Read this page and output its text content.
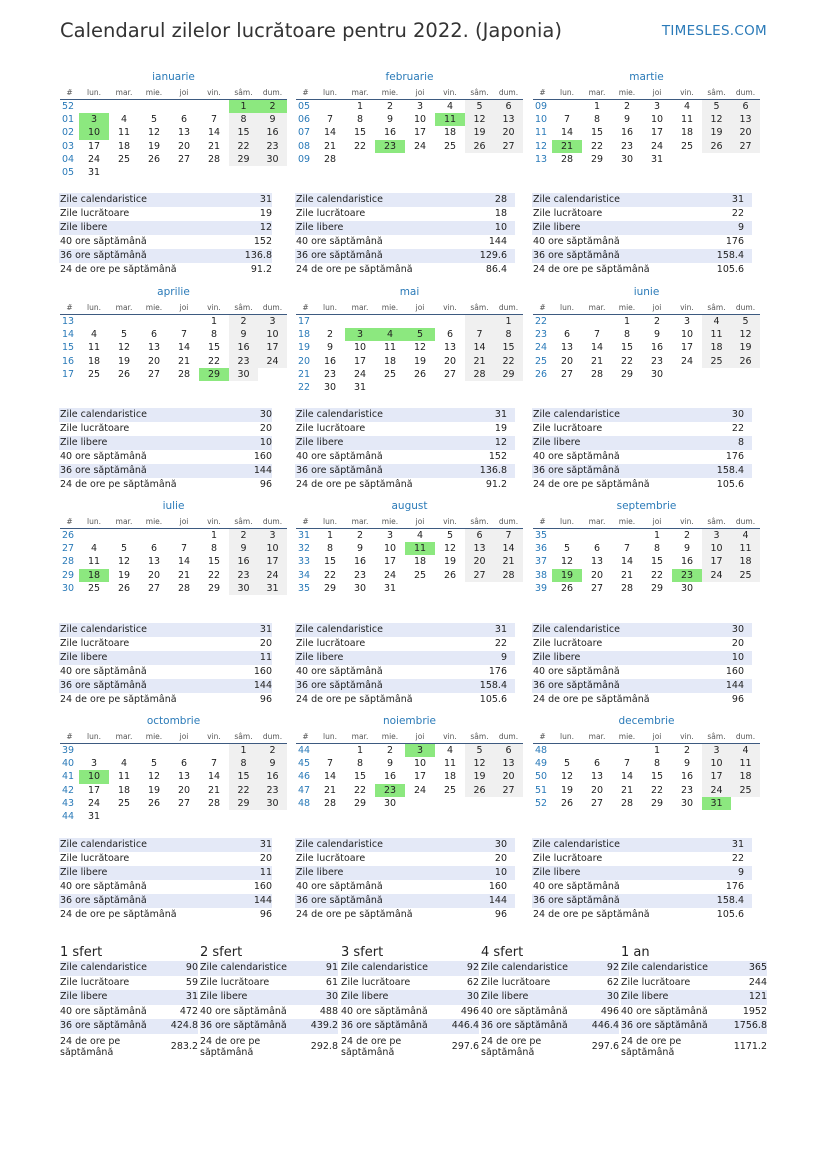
Calendarul zilelor lucrătoare pentru 2022. (Japonia)	TIMESLES.COM
ianuarie
#	lun.	mar.	mie.	joi	vin.	sâm.	dum.
52						1	2
01	3	4	5	6	7	8	9
02	10	11	12	13	14	15	16
03	17	18	19	20	21	22	23
04	24	25	26	27	28	29	30
05	31						
Zile calendaristice	31
Zile lucrătoare	19
Zile libere	12
40 ore săptămână	152
36 ore săptămână	136.8
24 de ore pe săptămână	91.2
februarie
#	lun.	mar.	mie.	joi	vin.	sâm.	dum.
05		1	2	3	4	5	6
06	7	8	9	10	11	12	13
07	14	15	16	17	18	19	20
08	21	22	23	24	25	26	27
09	28						
Zile calendaristice	28
Zile lucrătoare	18
Zile libere	10
40 ore săptămână	144
36 ore săptămână	129.6
24 de ore pe săptămână	86.4
martie
#	lun.	mar.	mie.	joi	vin.	sâm.	dum.
09		1	2	3	4	5	6
10	7	8	9	10	11	12	13
11	14	15	16	17	18	19	20
12	21	22	23	24	25	26	27
13	28	29	30	31			
Zile calendaristice	31
Zile lucrătoare	22
Zile libere	9
40 ore săptămână	176
36 ore săptămână	158.4
24 de ore pe săptămână	105.6
aprilie
#	lun.	mar.	mie.	joi	vin.	sâm.	dum.
13					1	2	3
14	4	5	6	7	8	9	10
15	11	12	13	14	15	16	17
16	18	19	20	21	22	23	24
17	25	26	27	28	29	30	
Zile calendaristice	30
Zile lucrătoare	20
Zile libere	10
40 ore săptămână	160
36 ore săptămână	144
24 de ore pe săptămână	96
mai
#	lun.	mar.	mie.	joi	vin.	sâm.	dum.
17							1
18	2	3	4	5	6	7	8
19	9	10	11	12	13	14	15
20	16	17	18	19	20	21	22
21	23	24	25	26	27	28	29
22	30	31					
Zile calendaristice	31
Zile lucrătoare	19
Zile libere	12
40 ore săptămână	152
36 ore săptămână	136.8
24 de ore pe săptămână	91.2
iunie
#	lun.	mar.	mie.	joi	vin.	sâm.	dum.
22			1	2	3	4	5
23	6	7	8	9	10	11	12
24	13	14	15	16	17	18	19
25	20	21	22	23	24	25	26
26	27	28	29	30			
Zile calendaristice	30
Zile lucrătoare	22
Zile libere	8
40 ore săptămână	176
36 ore săptămână	158.4
24 de ore pe săptămână	105.6
iulie
#	lun.	mar.	mie.	joi	vin.	sâm.	dum.
26					1	2	3
27	4	5	6	7	8	9	10
28	11	12	13	14	15	16	17
29	18	19	20	21	22	23	24
30	25	26	27	28	29	30	31
Zile calendaristice	31
Zile lucrătoare	20
Zile libere	11
40 ore săptămână	160
36 ore săptămână	144
24 de ore pe săptămână	96
august
#	lun.	mar.	mie.	joi	vin.	sâm.	dum.
31	1	2	3	4	5	6	7
32	8	9	10	11	12	13	14
33	15	16	17	18	19	20	21
34	22	23	24	25	26	27	28
35	29	30	31				
Zile calendaristice	31
Zile lucrătoare	22
Zile libere	9
40 ore săptămână	176
36 ore săptămână	158.4
24 de ore pe săptămână	105.6
septembrie
#	lun.	mar.	mie.	joi	vin.	sâm.	dum.
35				1	2	3	4
36	5	6	7	8	9	10	11
37	12	13	14	15	16	17	18
38	19	20	21	22	23	24	25
39	26	27	28	29	30		
Zile calendaristice	30
Zile lucrătoare	20
Zile libere	10
40 ore săptămână	160
36 ore săptămână	144
24 de ore pe săptămână	96
octombrie
#	lun.	mar.	mie.	joi	vin.	sâm.	dum.
39						1	2
40	3	4	5	6	7	8	9
41	10	11	12	13	14	15	16
42	17	18	19	20	21	22	23
43	24	25	26	27	28	29	30
44	31						
Zile calendaristice	31
Zile lucrătoare	20
Zile libere	11
40 ore săptămână	160
36 ore săptămână	144
24 de ore pe săptămână	96
noiembrie
#	lun.	mar.	mie.	joi	vin.	sâm.	dum.
44		1	2	3	4	5	6
45	7	8	9	10	11	12	13
46	14	15	16	17	18	19	20
47	21	22	23	24	25	26	27
48	28	29	30				
Zile calendaristice	30
Zile lucrătoare	20
Zile libere	10
40 ore săptămână	160
36 ore săptămână	144
24 de ore pe săptămână	96
decembrie
#	lun.	mar.	mie.	joi	vin.	sâm.	dum.
48				1	2	3	4
49	5	6	7	8	9	10	11
50	12	13	14	15	16	17	18
51	19	20	21	22	23	24	25
52	26	27	28	29	30	31	
Zile calendaristice	31
Zile lucrătoare	22
Zile libere	9
40 ore săptămână	176
36 ore săptămână	158.4
24 de ore pe săptămână	105.6
1 sfert
Zile calendaristice	90
Zile lucrătoare	59
Zile libere	31
40 ore săptămână	472
36 ore săptămână	424.8
24 de ore pe săptămână	283.2
2 sfert
Zile calendaristice	91
Zile lucrătoare	61
Zile libere	30
40 ore săptămână	488
36 ore săptămână	439.2
24 de ore pe săptămână	292.8
3 sfert
Zile calendaristice	92
Zile lucrătoare	62
Zile libere	30
40 ore săptămână	496
36 ore săptămână	446.4
24 de ore pe săptămână	297.6
4 sfert
Zile calendaristice	92
Zile lucrătoare	62
Zile libere	30
40 ore săptămână	496
36 ore săptămână	446.4
24 de ore pe săptămână	297.6
1 an
Zile calendaristice	365
Zile lucrătoare	244
Zile libere	121
40 ore săptămână	1952
36 ore săptămână	1756.8
24 de ore pe săptămână	1171.2
